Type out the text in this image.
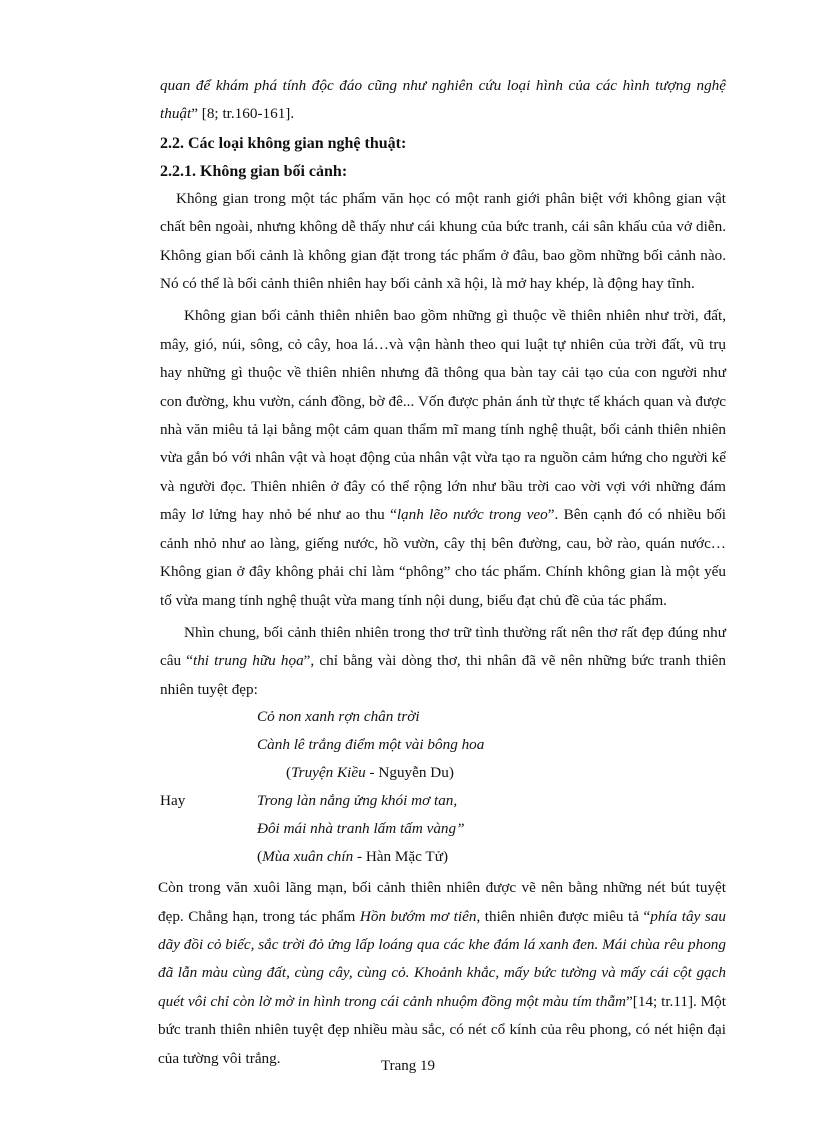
quan để khám phá tính độc đáo cũng như nghiên cứu loại hình của các hình tượng nghệ thuật” [8; tr.160-161].

2.2. Các loại không gian nghệ thuật:

2.2.1. Không gian bối cảnh:

Không gian trong một tác phẩm văn học có một ranh giới phân biệt với không gian vật chất bên ngoài, nhưng không dễ thấy như cái khung của bức tranh, cái sân khấu của vở diễn. Không gian bối cảnh là không gian đặt trong tác phẩm ở đâu, bao gồm những bối cảnh nào. Nó có thể là bối cảnh thiên nhiên hay bối cảnh xã hội, là mở hay khép, là động hay tĩnh.

Không gian bối cảnh thiên nhiên bao gồm những gì thuộc về thiên nhiên như trời, đất, mây, gió, núi, sông, cỏ cây, hoa lá…và vận hành theo qui luật tự nhiên của trời đất, vũ trụ hay những gì thuộc về thiên nhiên nhưng đã thông qua bàn tay cải tạo của con người như con đường, khu vườn, cánh đồng, bờ đê... Vốn được phản ánh từ thực tế khách quan và được nhà văn miêu tả lại bằng một cảm quan thẩm mĩ mang tính nghệ thuật, bối cảnh thiên nhiên vừa gắn bó với nhân vật và hoạt động của nhân vật vừa tạo ra nguồn cảm hứng cho người kể và người đọc. Thiên nhiên ở đây có thể rộng lớn như bầu trời cao vời vợi với những đám mây lơ lửng hay nhỏ bé như ao thu “lạnh lẽo nước trong veo”. Bên cạnh đó có nhiều bối cảnh nhỏ như ao làng, giếng nước, hồ vườn, cây thị bên đường, cau, bờ rào, quán nước… Không gian ở đây không phải chỉ làm “phông” cho tác phẩm. Chính không gian là một yếu tố vừa mang tính nghệ thuật vừa mang tính nội dung, biểu đạt chủ đề của tác phẩm.

Nhìn chung, bối cảnh thiên nhiên trong thơ trữ tình thường rất nên thơ rất đẹp đúng như câu “thi trung hữu họa”, chỉ bằng vài dòng thơ, thi nhân đã vẽ nên những bức tranh thiên nhiên tuyệt đẹp:

Cỏ non xanh rợn chân trời
Cành lê trắng điểm một vài bông hoa
(Truyện Kiều - Nguyễn Du)
Hay	Trong làn nắng ửng khói mơ tan,
Đôi mái nhà tranh lấm tấm vàng”
(Mùa xuân chín - Hàn Mặc Tử)

Còn trong văn xuôi lãng mạn, bối cảnh thiên nhiên được vẽ nên bằng những nét bút tuyệt đẹp. Chẳng hạn, trong tác phẩm Hồn bướm mơ tiên, thiên nhiên được miêu tả “phía tây sau dãy đồi cỏ biếc, sắc trời đỏ ửng lấp loáng qua các khe đám lá xanh đen. Mái chùa rêu phong đã lẫn màu cùng đất, cùng cây, cùng cỏ. Khoảnh khắc, mấy bức tường và mấy cái cột gạch quét vôi chỉ còn lờ mờ in hình trong cái cảnh nhuộm đồng một màu tím thẫm”[14; tr.11]. Một bức tranh thiên nhiên tuyệt đẹp nhiều màu sắc, có nét cổ kính của rêu phong, có nét hiện đại của tường vôi trắng.	Trang 19
